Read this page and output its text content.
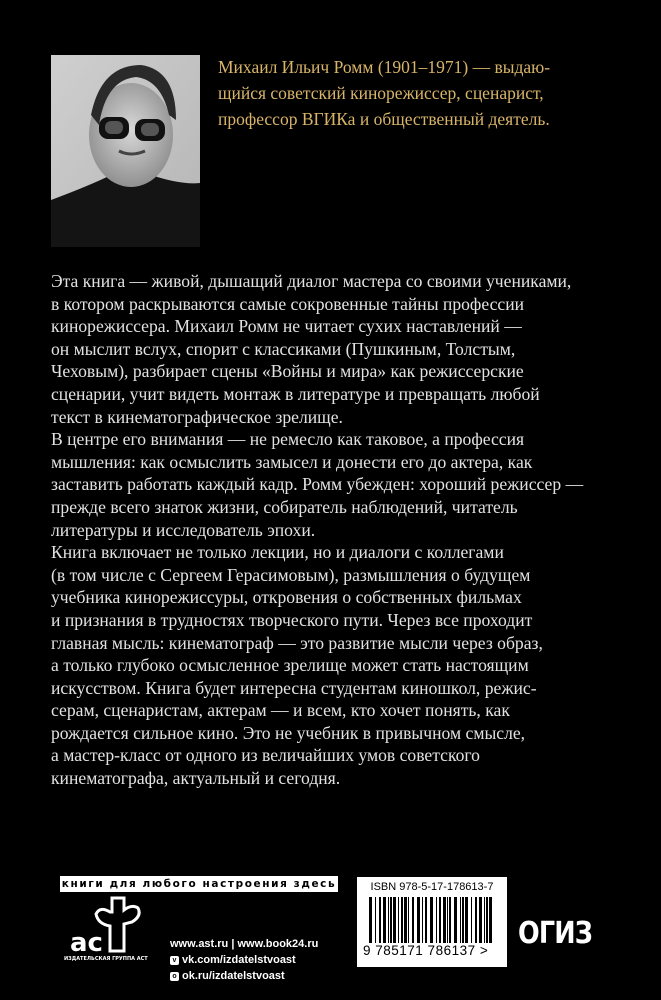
Михаил Ильич Ромм (1901–1971) — выдаю-
щийся советский кинорежиссер, сценарист,
профессор ВГИКа и общественный деятель.
Эта книга — живой, дышащий диалог мастера со своими учениками,
в котором раскрываются самые сокровенные тайны профессии
кинорежиссера. Михаил Ромм не читает сухих наставлений —
он мыслит вслух, спорит с классиками (Пушкиным, Толстым,
Чеховым), разбирает сцены «Войны и мира» как режиссерские
сценарии, учит видеть монтаж в литературе и превращать любой
текст в кинематографическое зрелище.
В центре его внимания — не ремесло как таковое, а профессия
мышления: как осмыслить замысел и донести его до актера, как
заставить работать каждый кадр. Ромм убежден: хороший режиссер —
прежде всего знаток жизни, собиратель наблюдений, читатель
литературы и исследователь эпохи.
Книга включает не только лекции, но и диалоги с коллегами
(в том числе с Сергеем Герасимовым), размышления о будущем
учебника кинорежиссуры, откровения о собственных фильмах
и признания в трудностях творческого пути. Через все проходит
главная мысль: кинематограф — это развитие мысли через образ,
а только глубоко осмысленное зрелище может стать настоящим
искусством. Книга будет интересна студентам киношкол, режис-
серам, сценаристам, актерам — и всем, кто хочет понять, как
рождается сильное кино. Это не учебник в привычном смысле,
а мастер-класс от одного из величайших умов советского
кинематографа, актуальный и сегодня.
книги для любого настроения здесь
ас
ИЗДАТЕЛЬСКАЯ ГРУППА АСТ
www.ast.ru | www.book24.ru
v vk.com/izdatelstvoast
o ok.ru/izdatelstvoast
ISBN 978-5-17-178613-7
9 785171 786137 > ОГИЗ
